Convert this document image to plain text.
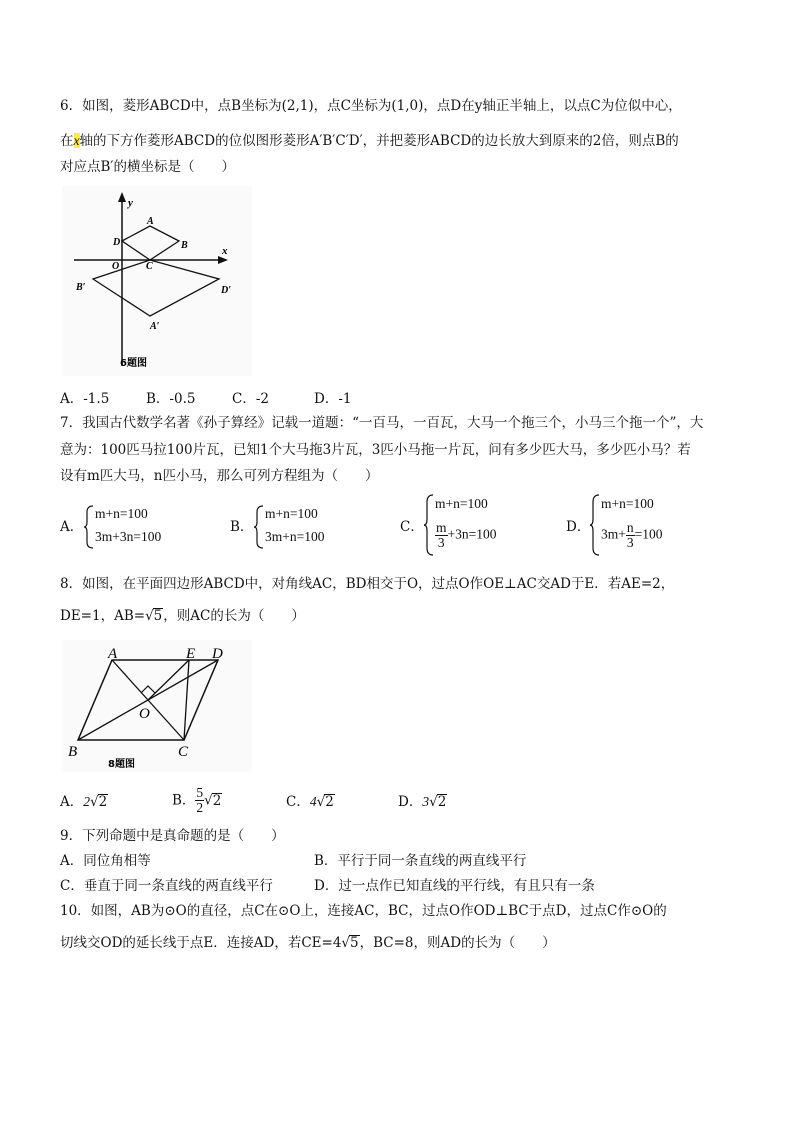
6．如图，菱形ABCD中，点B坐标为(2,1)，点C坐标为(1,0)，点D在y轴正半轴上，以点C为位似中心，
在x轴的下方作菱形ABCD的位似图形菱形A′B′C′D′，并把菱形ABCD的边长放大到原来的2倍，则点B的
对应点B′的横坐标是（　　）
y
x
O
A
B
C
D
B′	D′
A′
6题图
A．-1.5	B．-0.5	C．-2	D．-1
7．我国古代数学名著《孙子算经》记载一道题：“一百马，一百瓦，大马一个拖三个，小马三个拖一个”，大
意为：100匹马拉100片瓦，已知1个大马拖3片瓦，3匹小马拖一片瓦，问有多少匹大马，多少匹小马？若
设有m匹大马，n匹小马，那么可列方程组为（　　）
A．
m+n=100
3m+3n=100
B．
m+n=100
3m+n=100
C．
m+n=100
$\frac{m}{3} +3n=100$	D．
m+n=100
$3m+ \frac{n}{3} =100$
8．如图，在平面四边形ABCD中，对角线AC，BD相交于O，过点O作OE⊥AC交AD于E．若AE=2，
DE=1，AB=√5，则AC的长为（　　）
A	E D
O
B	C
8题图
A．2√2	B． $\frac{5}{2} √2$	C．4√2	D．3√2
9．下列命题中是真命题的是（　　）
A．同位角相等	B．平行于同一条直线的两直线平行
C．垂直于同一条直线的两直线平行	D．过一点作已知直线的平行线，有且只有一条
10．如图，AB为⊙O的直径，点C在⊙O上，连接AC，BC，过点O作OD⊥BC于点D，过点C作⊙O的
切线交OD的延长线于点E．连接AD，若CE=4√5，BC=8，则AD的长为（　　）
